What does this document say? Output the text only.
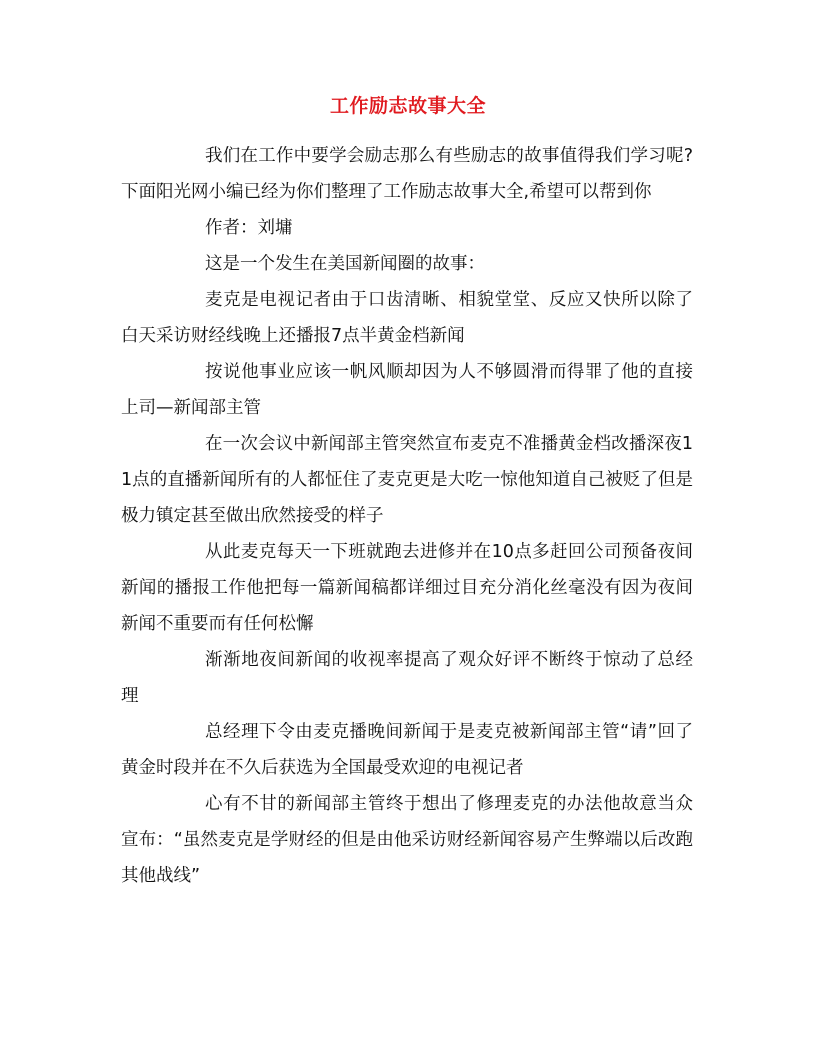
工作励志故事大全

我们在工作中要学会励志那么有些励志的故事值得我们学习呢?下面阳光网小编已经为你们整理了工作励志故事大全,希望可以帮到你

作者：刘墉

这是一个发生在美国新闻圈的故事：

麦克是电视记者由于口齿清晰、相貌堂堂、反应又快所以除了白天采访财经线晚上还播报7点半黄金档新闻

按说他事业应该一帆风顺却因为人不够圆滑而得罪了他的直接上司—新闻部主管

在一次会议中新闻部主管突然宣布麦克不准播黄金档改播深夜11点的直播新闻所有的人都怔住了麦克更是大吃一惊他知道自己被贬了但是极力镇定甚至做出欣然接受的样子

从此麦克每天一下班就跑去进修并在10点多赶回公司预备夜间新闻的播报工作他把每一篇新闻稿都详细过目充分消化丝毫没有因为夜间新闻不重要而有任何松懈

渐渐地夜间新闻的收视率提高了观众好评不断终于惊动了总经理

总经理下令由麦克播晚间新闻于是麦克被新闻部主管“请”回了黄金时段并在不久后获选为全国最受欢迎的电视记者

心有不甘的新闻部主管终于想出了修理麦克的办法他故意当众宣布：“虽然麦克是学财经的但是由他采访财经新闻容易产生弊端以后改跑其他战线”
